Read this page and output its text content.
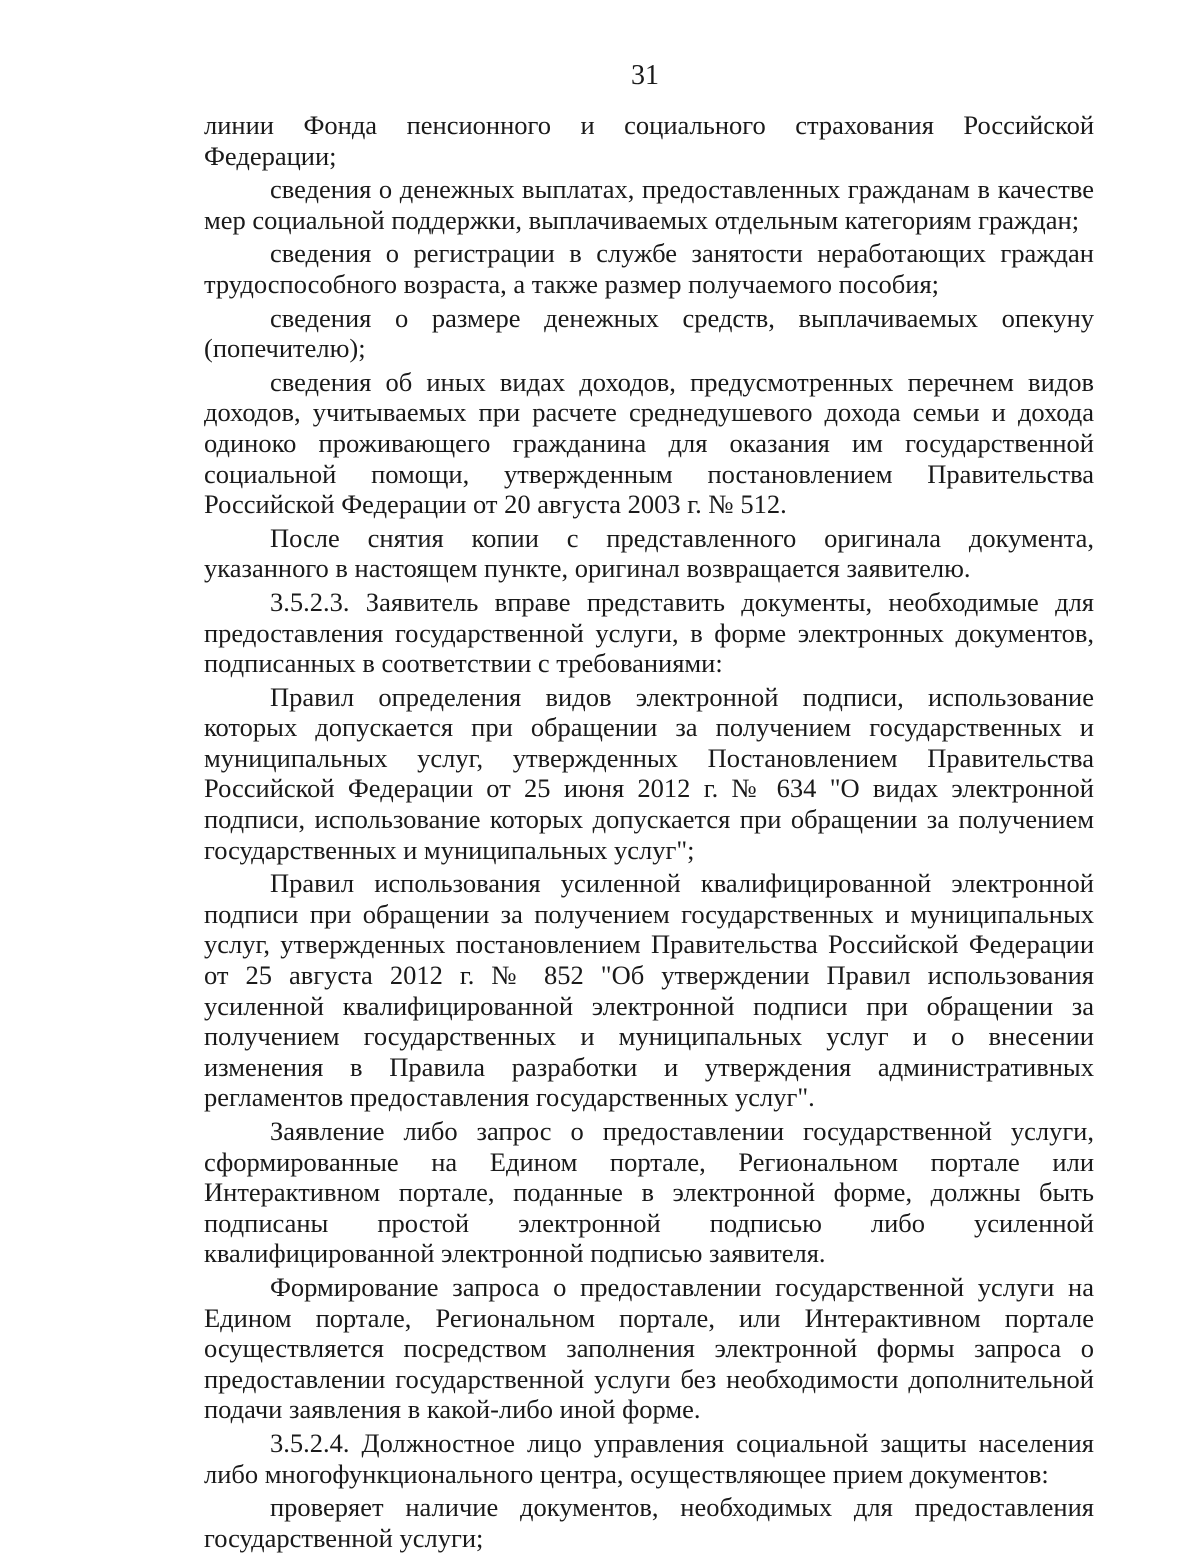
31

линии Фонда пенсионного и социального страхования Российской Федерации;

сведения о денежных выплатах, предоставленных гражданам в качестве мер социальной поддержки, выплачиваемых отдельным категориям граждан;

сведения о регистрации в службе занятости неработающих граждан трудоспособного возраста, а также размер получаемого пособия;

сведения о размере денежных средств, выплачиваемых опекуну (попечителю);

сведения об иных видах доходов, предусмотренных перечнем видов доходов, учитываемых при расчете среднедушевого дохода семьи и дохода одиноко проживающего гражданина для оказания им государственной социальной помощи, утвержденным постановлением Правительства Российской Федерации от 20 августа 2003 г. № 512.

После снятия копии с представленного оригинала документа, указанного в настоящем пункте, оригинал возвращается заявителю.

3.5.2.3. Заявитель вправе представить документы, необходимые для предоставления государственной услуги, в форме электронных документов, подписанных в соответствии с требованиями:

Правил определения видов электронной подписи, использование которых допускается при обращении за получением государственных и муниципальных услуг, утвержденных Постановлением Правительства Российской Федерации от 25 июня 2012 г. № 634 "О видах электронной подписи, использование которых допускается при обращении за получением государственных и муниципальных услуг";

Правил использования усиленной квалифицированной электронной подписи при обращении за получением государственных и муниципальных услуг, утвержденных постановлением Правительства Российской Федерации от 25 августа 2012 г. № 852 "Об утверждении Правил использования усиленной квалифицированной электронной подписи при обращении за получением государственных и муниципальных услуг и о внесении изменения в Правила разработки и утверждения административных регламентов предоставления государственных услуг".

Заявление либо запрос о предоставлении государственной услуги, сформированные на Едином портале, Региональном портале или Интерактивном портале, поданные в электронной форме, должны быть подписаны простой электронной подписью либо усиленной квалифицированной электронной подписью заявителя.

Формирование запроса о предоставлении государственной услуги на Едином портале, Региональном портале, или Интерактивном портале осуществляется посредством заполнения электронной формы запроса о предоставлении государственной услуги без необходимости дополнительной подачи заявления в какой-либо иной форме.

3.5.2.4. Должностное лицо управления социальной защиты населения либо многофункционального центра, осуществляющее прием документов:

проверяет наличие документов, необходимых для предоставления государственной услуги;
